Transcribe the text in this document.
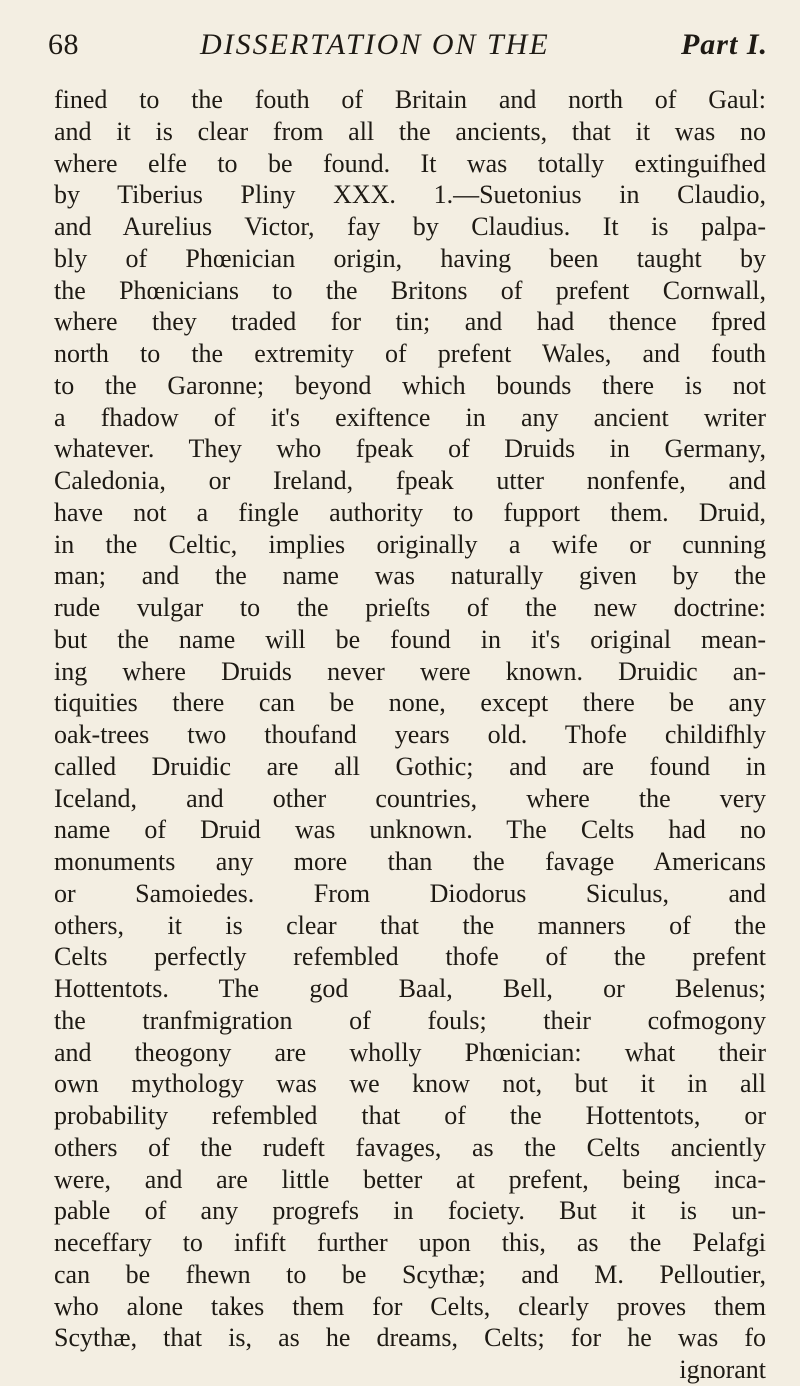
68	DISSERTATION ON THE	Part I.
fined to the fouth of Britain and north of Gaul:
and it is clear from all the ancients, that it was no
where elfe to be found. It was totally extinguifhed
by Tiberius Pliny XXX. 1.—Suetonius in Claudio,
and Aurelius Victor, fay by Claudius. It is palpa-
bly of Phœnician origin, having been taught by
the Phœnicians to the Britons of prefent Cornwall,
where they traded for tin; and had thence fpred
north to the extremity of prefent Wales, and fouth
to the Garonne; beyond which bounds there is not
a fhadow of it's exiftence in any ancient writer
whatever. They who fpeak of Druids in Germany,
Caledonia, or Ireland, fpeak utter nonfenfe, and
have not a fingle authority to fupport them. Druid,
in the Celtic, implies originally a wife or cunning
man; and the name was naturally given by the
rude vulgar to the prieſts of the new doctrine:
but the name will be found in it's original mean-
ing where Druids never were known. Druidic an-
tiquities there can be none, except there be any
oak-trees two thoufand years old. Thofe childifhly
called Druidic are all Gothic; and are found in
Iceland, and other countries, where the very
name of Druid was unknown. The Celts had no
monuments any more than the favage Americans
or Samoiedes. From Diodorus Siculus, and
others, it is clear that the manners of the
Celts perfectly refembled thofe of the prefent
Hottentots. The god Baal, Bell, or Belenus;
the tranfmigration of fouls; their cofmogony
and theogony are wholly Phœnician: what their
own mythology was we know not, but it in all
probability refembled that of the Hottentots, or
others of the rudeft favages, as the Celts anciently
were, and are little better at prefent, being inca-
pable of any progrefs in fociety. But it is un-
neceffary to infift further upon this, as the Pelafgi
can be fhewn to be Scythæ; and M. Pelloutier,
who alone takes them for Celts, clearly proves them
Scythæ, that is, as he dreams, Celts; for he was fo
ignorant
